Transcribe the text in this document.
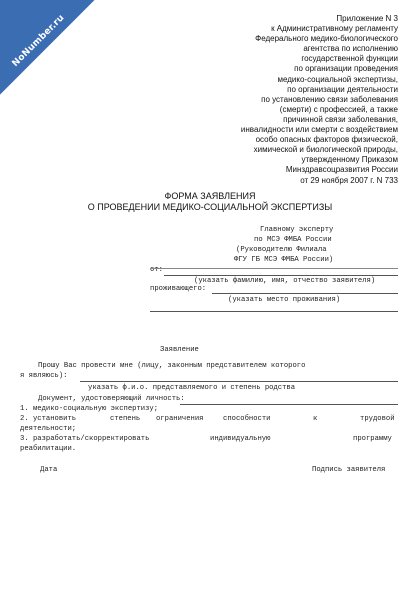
NoNumber.ru	Приложение N 3
к Административному регламенту
Федерального медико-биологического
агентства по исполнению
государственной функции
по организации проведения
медико-социальной экспертизы,
по организации деятельности
по установлению связи заболевания
(смерти) с профессией, а также
причинной связи заболевания,
инвалидности или смерти с воздействием
особо опасных факторов физической,
химической и биологической природы,
утвержденному Приказом
Минздравсоцразвития России
от 29 ноября 2007 г. N 733
ФОРМА ЗАЯВЛЕНИЯ
О ПРОВЕДЕНИИ МЕДИКО-СОЦИАЛЬНОЙ ЭКСПЕРТИЗЫ
Главному эксперту
по МСЭ ФМБА России
(Руководителю Филиала
ФГУ ГБ МСЭ ФМБА России)
от:
(указать фамилию, имя, отчество заявителя)
проживающего:
(указать место проживания)
Заявление
Прошу Вас провести мне (лицу, законным представителем которого
я являюсь):
указать ф.и.о. представляемого и степень родства
Документ, удостоверяющий личность:
1. медико-социальную экспертизу;
2. установить	степень ограничения	способности	к	трудовой
деятельности;
3. разработать/скорректировать	индивидуальную	программу
реабилитации.
Дата	Подпись заявителя
